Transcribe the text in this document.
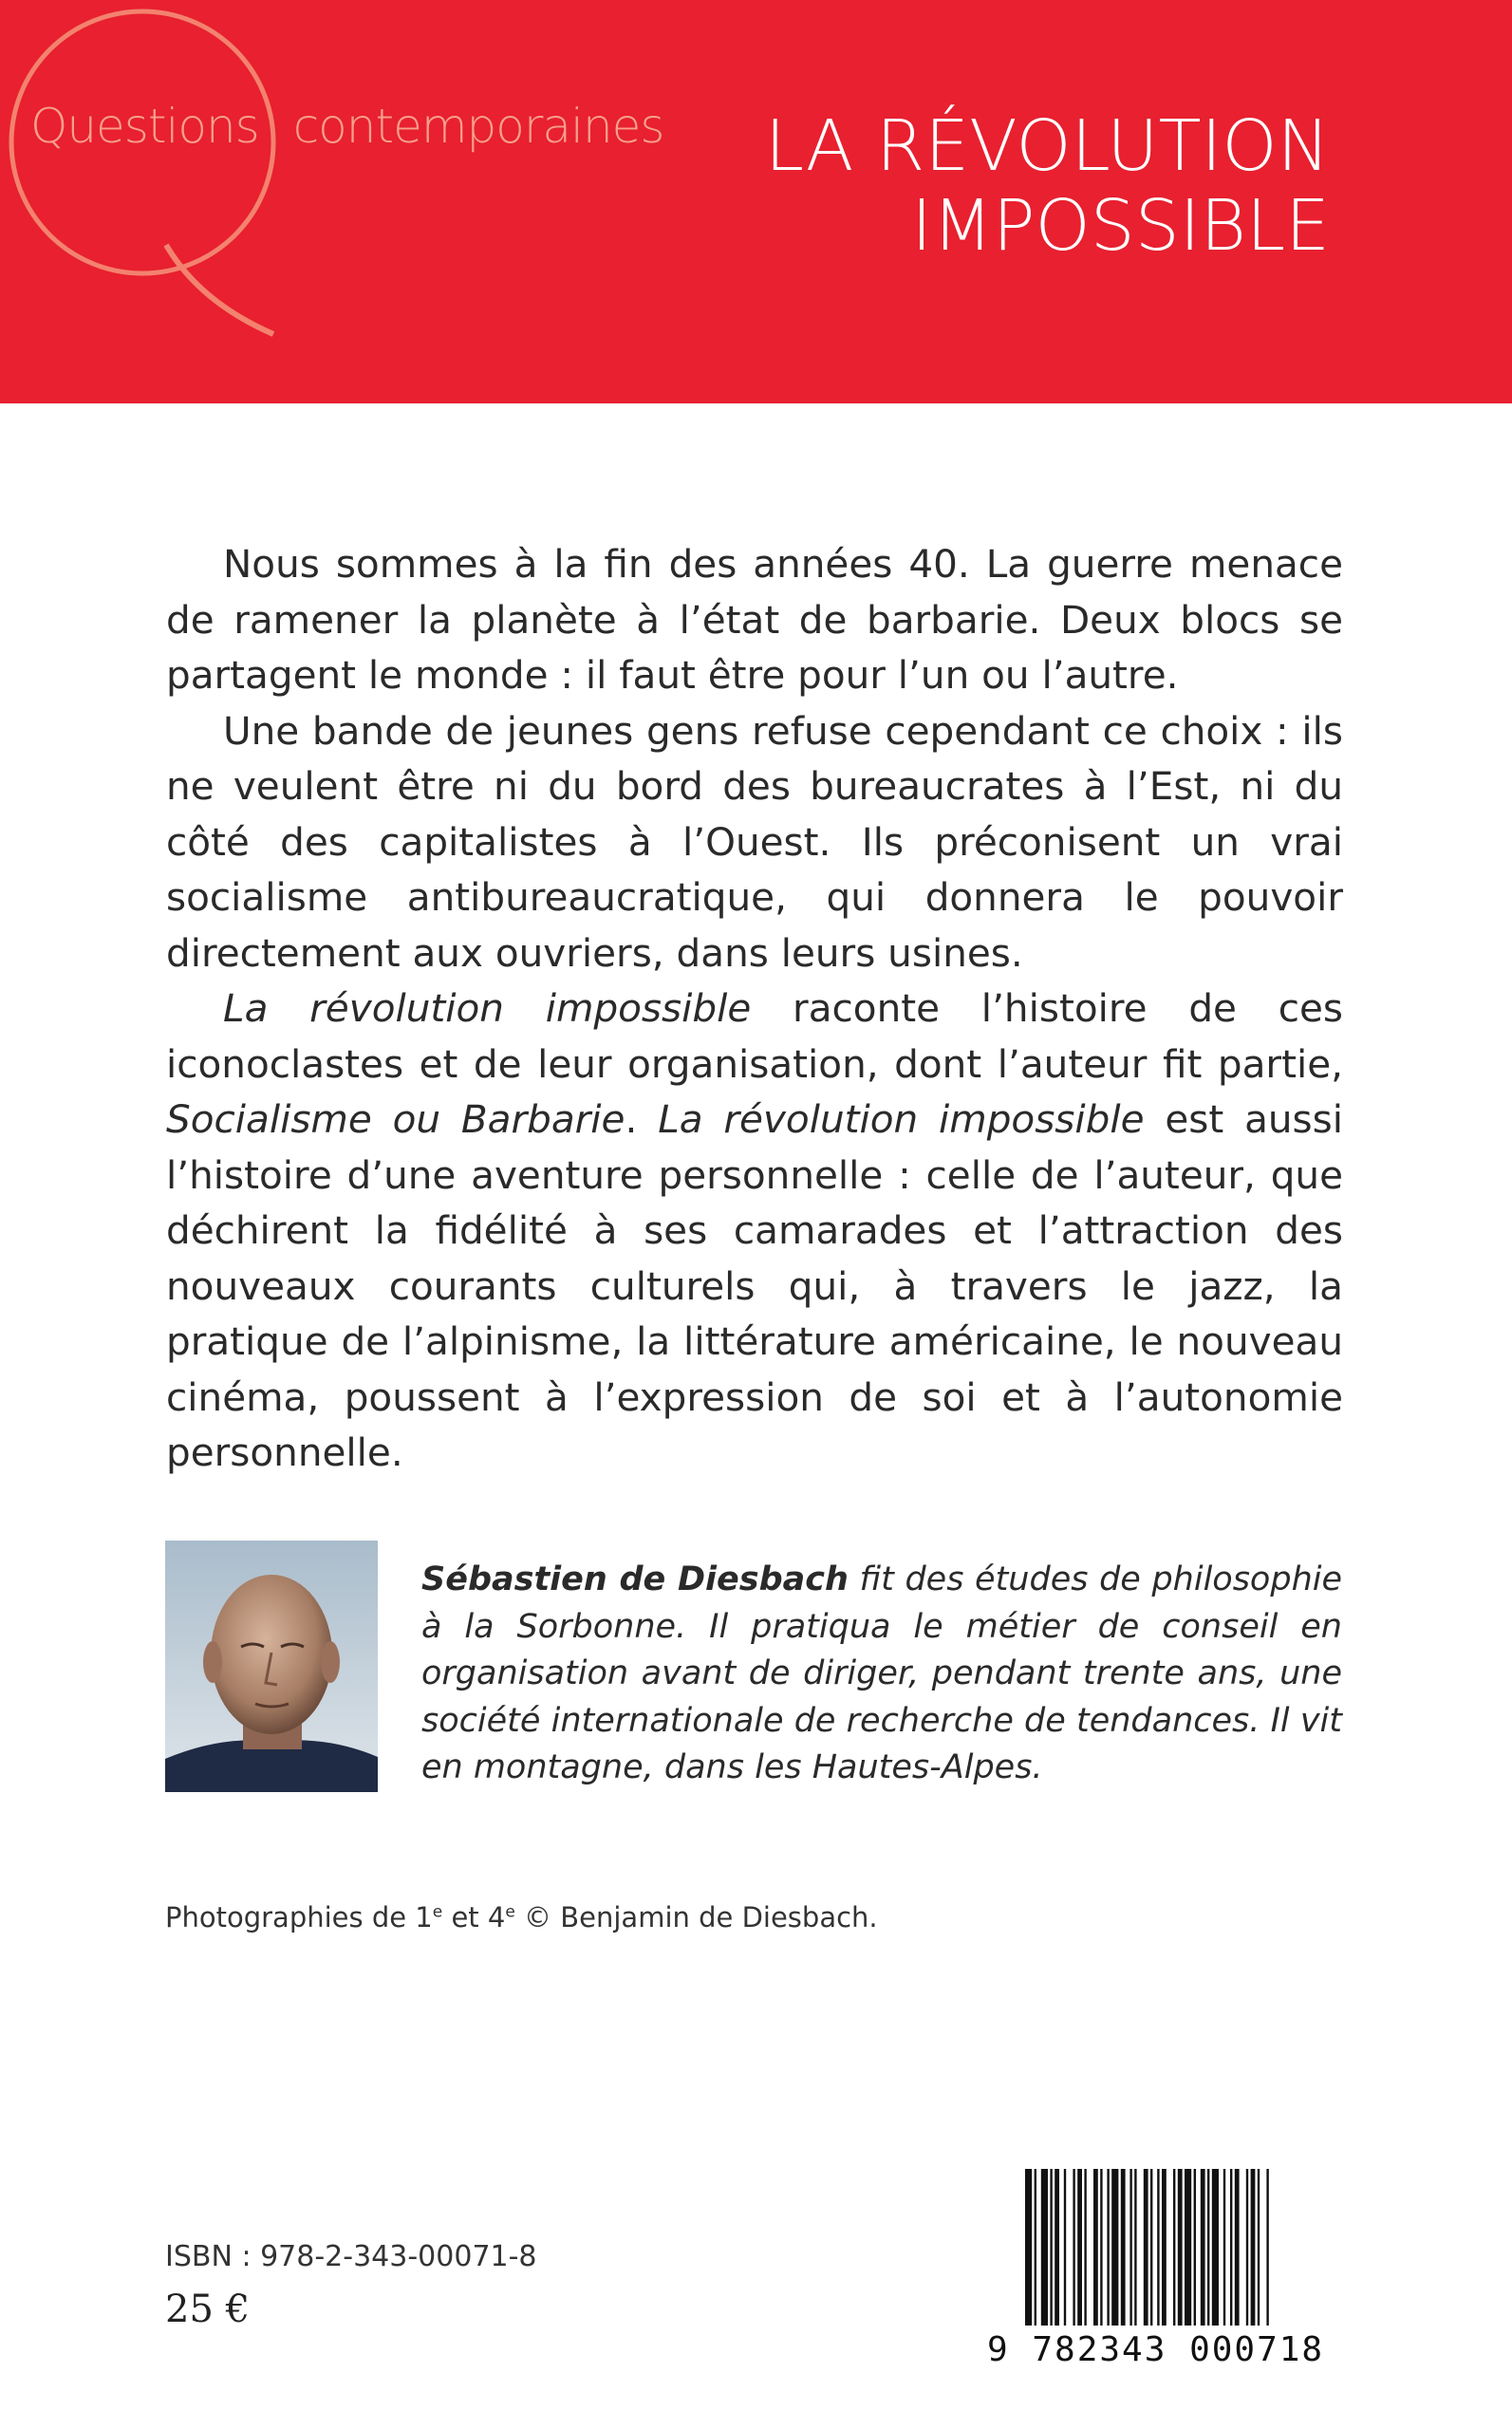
Questions contemporaines LA RÉVOLUTION
IMPOSSIBLE

Nous sommes à la fin des années 40. La guerre menace de ramener la planète à l’état de barbarie. Deux blocs se partagent le monde : il faut être pour l’un ou l’autre.

Une bande de jeunes gens refuse cependant ce choix : ils ne veulent être ni du bord des bureaucrates à l’Est, ni du côté des capitalistes à l’Ouest. Ils préconisent un vrai socialisme antibureaucratique, qui donnera le pouvoir directement aux ouvriers, dans leurs usines.

La révolution impossible raconte l’histoire de ces iconoclastes et de leur organisation, dont l’auteur fit partie, Socialisme ou Barbarie. La révolution impossible est aussi l’histoire d’une aventure personnelle : celle de l’auteur, que déchirent la fidélité à ses camarades et l’attraction des nouveaux courants culturels qui, à travers le jazz, la pratique de l’alpinisme, la littérature américaine, le nouveau cinéma, poussent à l’expression de soi et à l’autonomie personnelle.

Sébastien de Diesbach fit des études de philosophie à la Sorbonne. Il pratiqua le métier de conseil en organisation avant de diriger, pendant trente ans, une société internationale de recherche de tendances. Il vit en montagne, dans les Hautes-Alpes.
Photographies de 1e et 4e © Benjamin de Diesbach.
ISBN : 978-2-343-00071-8
25 €
9 782343 000718
